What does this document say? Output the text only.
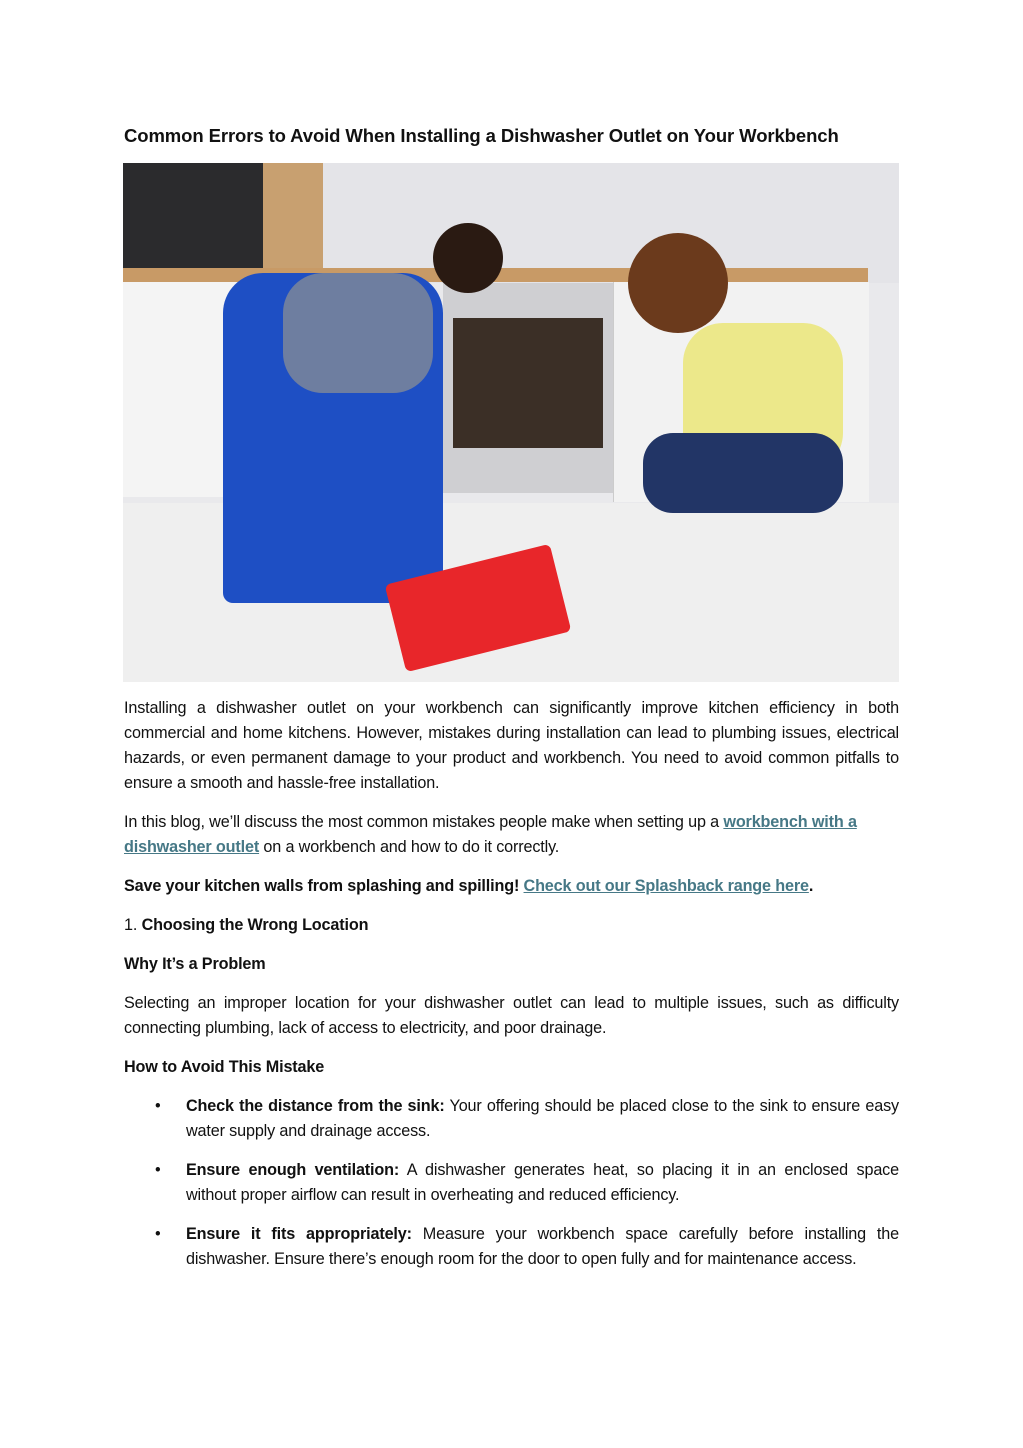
Common Errors to Avoid When Installing a Dishwasher Outlet on Your Workbench

Installing a dishwasher outlet on your workbench can significantly improve kitchen efficiency in both commercial and home kitchens. However, mistakes during installation can lead to plumbing issues, electrical hazards, or even permanent damage to your product and workbench. You need to avoid common pitfalls to ensure a smooth and hassle-free installation.

In this blog, we’ll discuss the most common mistakes people make when setting up a workbench with a dishwasher outlet on a workbench and how to do it correctly.

Save your kitchen walls from splashing and spilling! Check out our Splashback range here.

1. Choosing the Wrong Location

Why It’s a Problem

Selecting an improper location for your dishwasher outlet can lead to multiple issues, such as difficulty connecting plumbing, lack of access to electricity, and poor drainage.

How to Avoid This Mistake

• Check the distance from the sink: Your offering should be placed close to the sink to ensure easy water supply and drainage access.
• Ensure enough ventilation: A dishwasher generates heat, so placing it in an enclosed space without proper airflow can result in overheating and reduced efficiency.
• Ensure it fits appropriately: Measure your workbench space carefully before installing the dishwasher. Ensure there’s enough room for the door to open fully and for maintenance access.
